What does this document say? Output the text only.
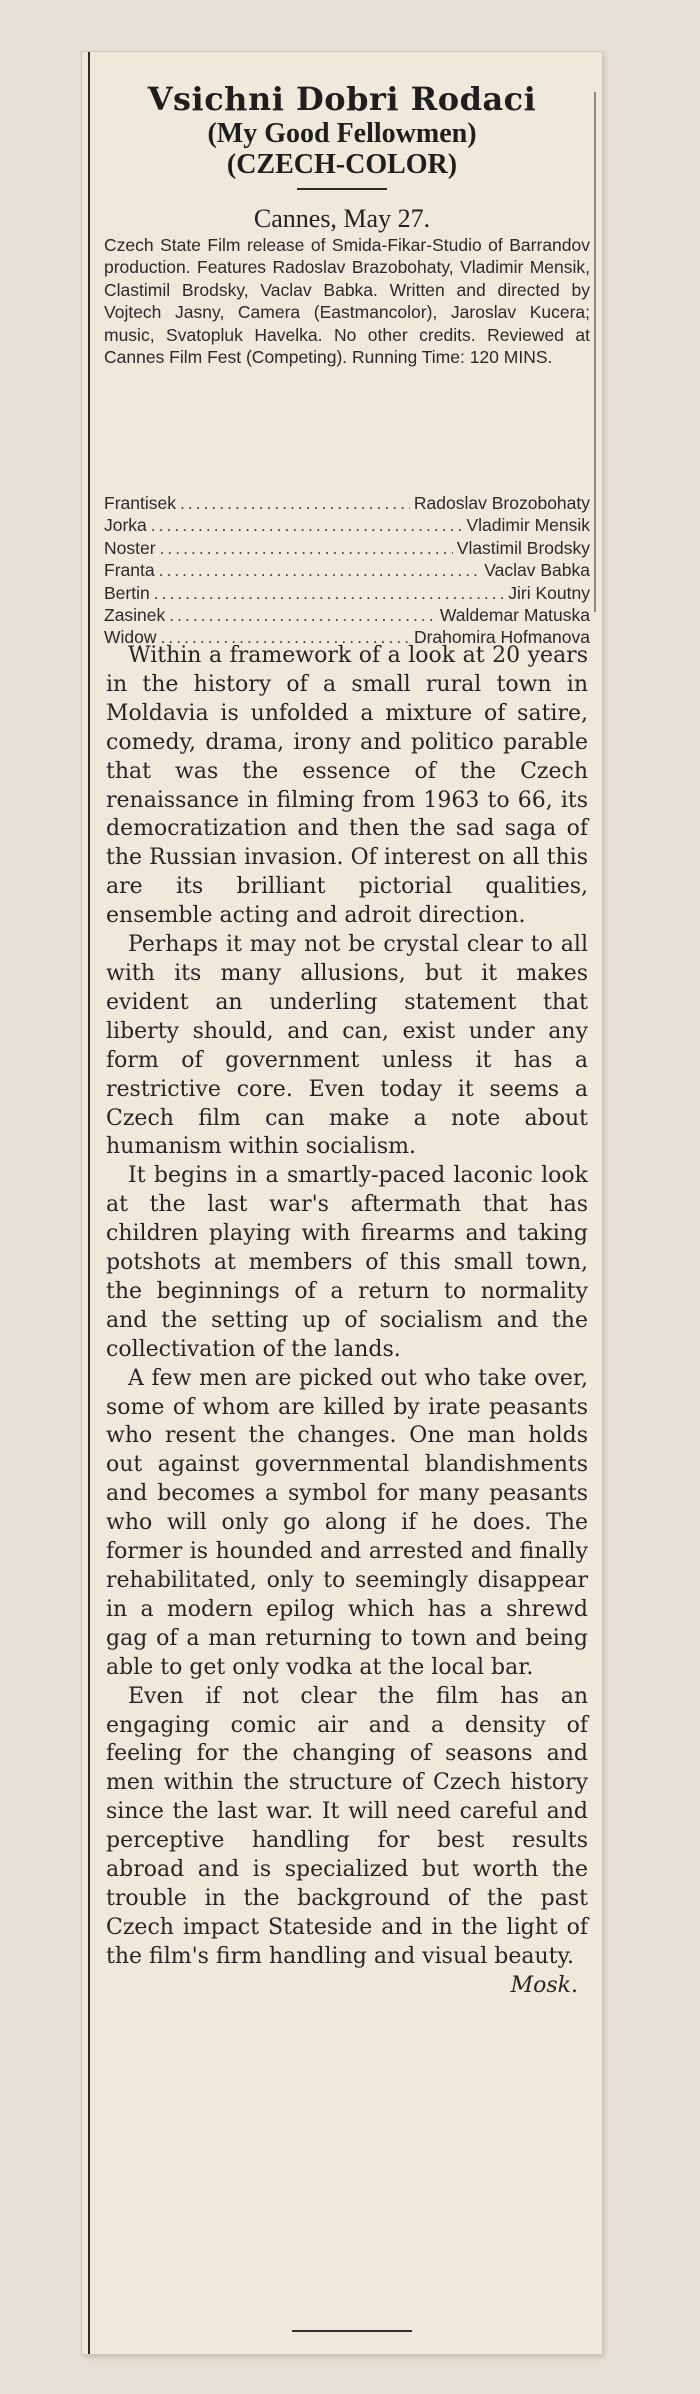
Vsichni Dobri Rodaci
(My Good Fellowmen)
(CZECH-COLOR)
Cannes, May 27.

Czech State Film release of Smida-Fikar-Studio of Barrandov production. Features Radoslav Brazobohaty, Vladimir Mensik, Clastimil Brodsky, Vaclav Babka. Written and directed by Vojtech Jasny, Camera (Eastmancolor), Jaroslav Kucera; music, Svatopluk Havelka. No other credits. Reviewed at Cannes Film Fest (Competing). Running Time: 120 MINS.

Frantisek .....	Radoslav Brozobohaty
Jorka .....	Vladimir Mensik
Noster .....	Vlastimil Brodsky
Franta .....	Vaclav Babka
Bertin .....	Jiri Koutny
Zasinek .....	Waldemar Matuska
Widow .....	Drahomira Hofmanova

Within a framework of a look at 20 years in the history of a small rural town in Moldavia is unfolded a mixture of satire, comedy, drama, irony and politico parable that was the essence of the Czech renaissance in filming from 1963 to 66, its democratization and then the sad saga of the Russian invasion. Of interest on all this are its brilliant pictorial qualities, ensemble acting and adroit direction.

Perhaps it may not be crystal clear to all with its many allusions, but it makes evident an underling statement that liberty should, and can, exist under any form of government unless it has a restrictive core. Even today it seems a Czech film can make a note about humanism within socialism.

It begins in a smartly-paced laconic look at the last war's aftermath that has children playing with firearms and taking potshots at members of this small town, the beginnings of a return to normality and the setting up of socialism and the collectivation of the lands.

A few men are picked out who take over, some of whom are killed by irate peasants who resent the changes. One man holds out against governmental blandishments and becomes a symbol for many peasants who will only go along if he does. The former is hounded and arrested and finally rehabilitated, only to seemingly disappear in a modern epilog which has a shrewd gag of a man returning to town and being able to get only vodka at the local bar.

Even if not clear the film has an engaging comic air and a density of feeling for the changing of seasons and men within the structure of Czech history since the last war. It will need careful and perceptive handling for best results abroad and is specialized but worth the trouble in the background of the past Czech impact Stateside and in the light of the film's firm handling and visual beauty.
Mosk.
